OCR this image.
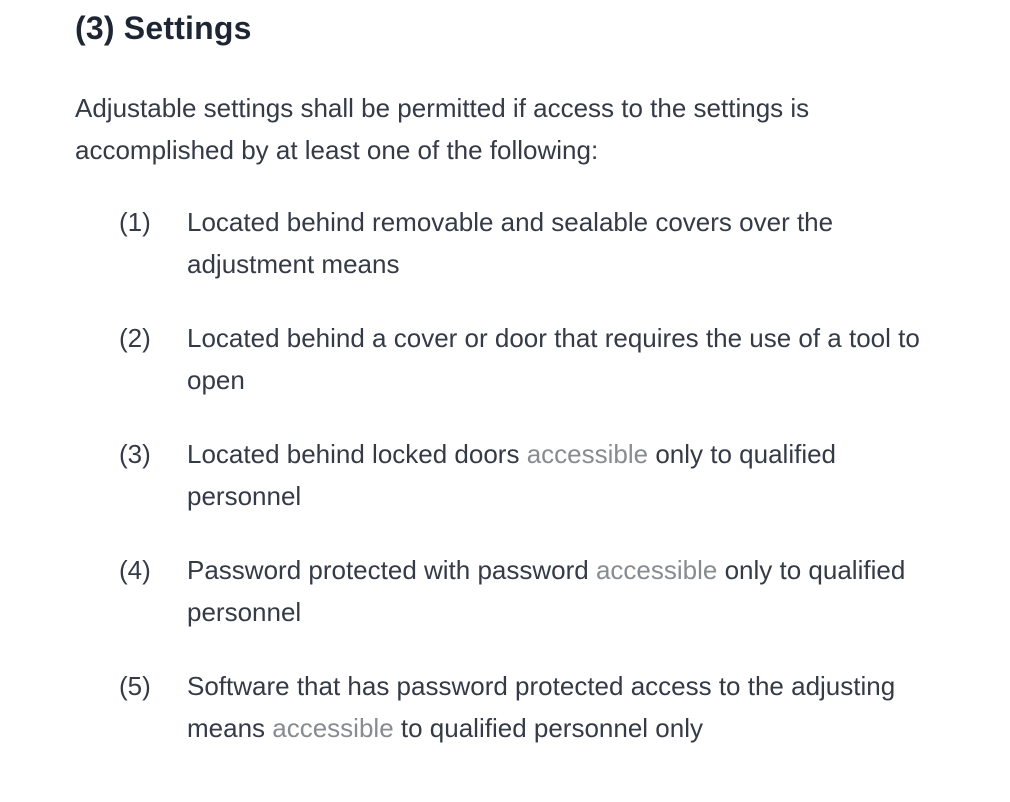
(3) Settings

Adjustable settings shall be permitted if access to the settings is accomplished by at least one of the following:

(1)	Located behind removable and sealable covers over the adjustment means
(2)	Located behind a cover or door that requires the use of a tool to open
(3)	Located behind locked doors accessible only to qualified personnel
(4)	Password protected with password accessible only to qualified personnel
(5)	Software that has password protected access to the adjusting means accessible to qualified personnel only
